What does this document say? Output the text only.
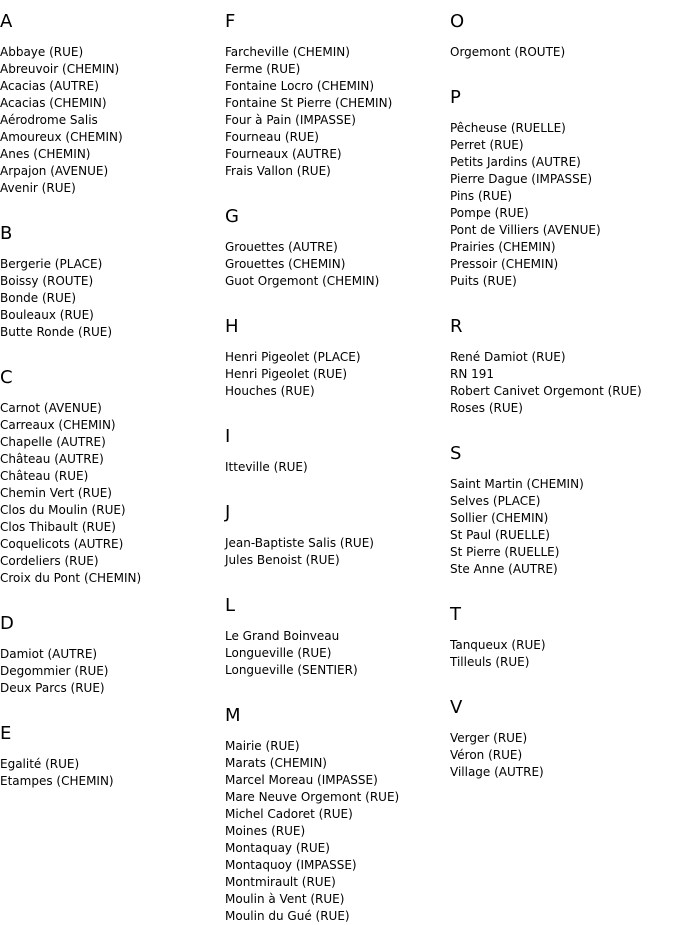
A
Abbaye (RUE)
Abreuvoir (CHEMIN)
Acacias (AUTRE)
Acacias (CHEMIN)
Aérodrome Salis
Amoureux (CHEMIN)
Anes (CHEMIN)
Arpajon (AVENUE)
Avenir (RUE)
B
Bergerie (PLACE)
Boissy (ROUTE)
Bonde (RUE)
Bouleaux (RUE)
Butte Ronde (RUE)
C
Carnot (AVENUE)
Carreaux (CHEMIN)
Chapelle (AUTRE)
Château (AUTRE)
Château (RUE)
Chemin Vert (RUE)
Clos du Moulin (RUE)
Clos Thibault (RUE)
Coquelicots (AUTRE)
Cordeliers (RUE)
Croix du Pont (CHEMIN)
D
Damiot (AUTRE)
Degommier (RUE)
Deux Parcs (RUE)
E
Egalité (RUE)
Etampes (CHEMIN)
F
Farcheville (CHEMIN)
Ferme (RUE)
Fontaine Locro (CHEMIN)
Fontaine St Pierre (CHEMIN)
Four à Pain (IMPASSE)
Fourneau (RUE)
Fourneaux (AUTRE)
Frais Vallon (RUE)
G
Grouettes (AUTRE)
Grouettes (CHEMIN)
Guot Orgemont (CHEMIN)
H
Henri Pigeolet (PLACE)
Henri Pigeolet (RUE)
Houches (RUE)
I
Itteville (RUE)
J
Jean-Baptiste Salis (RUE)
Jules Benoist (RUE)
L
Le Grand Boinveau
Longueville (RUE)
Longueville (SENTIER)
M
Mairie (RUE)
Marats (CHEMIN)
Marcel Moreau (IMPASSE)
Mare Neuve Orgemont (RUE)
Michel Cadoret (RUE)
Moines (RUE)
Montaquay (RUE)
Montaquoy (IMPASSE)
Montmirault (RUE)
Moulin à Vent (RUE)
Moulin du Gué (RUE)
O
Orgemont (ROUTE)
P
Pêcheuse (RUELLE)
Perret (RUE)
Petits Jardins (AUTRE)
Pierre Dague (IMPASSE)
Pins (RUE)
Pompe (RUE)
Pont de Villiers (AVENUE)
Prairies (CHEMIN)
Pressoir (CHEMIN)
Puits (RUE)
R
René Damiot (RUE)
RN 191
Robert Canivet Orgemont (RUE)
Roses (RUE)
S
Saint Martin (CHEMIN)
Selves (PLACE)
Sollier (CHEMIN)
St Paul (RUELLE)
St Pierre (RUELLE)
Ste Anne (AUTRE)
T
Tanqueux (RUE)
Tilleuls (RUE)
V
Verger (RUE)
Véron (RUE)
Village (AUTRE)
